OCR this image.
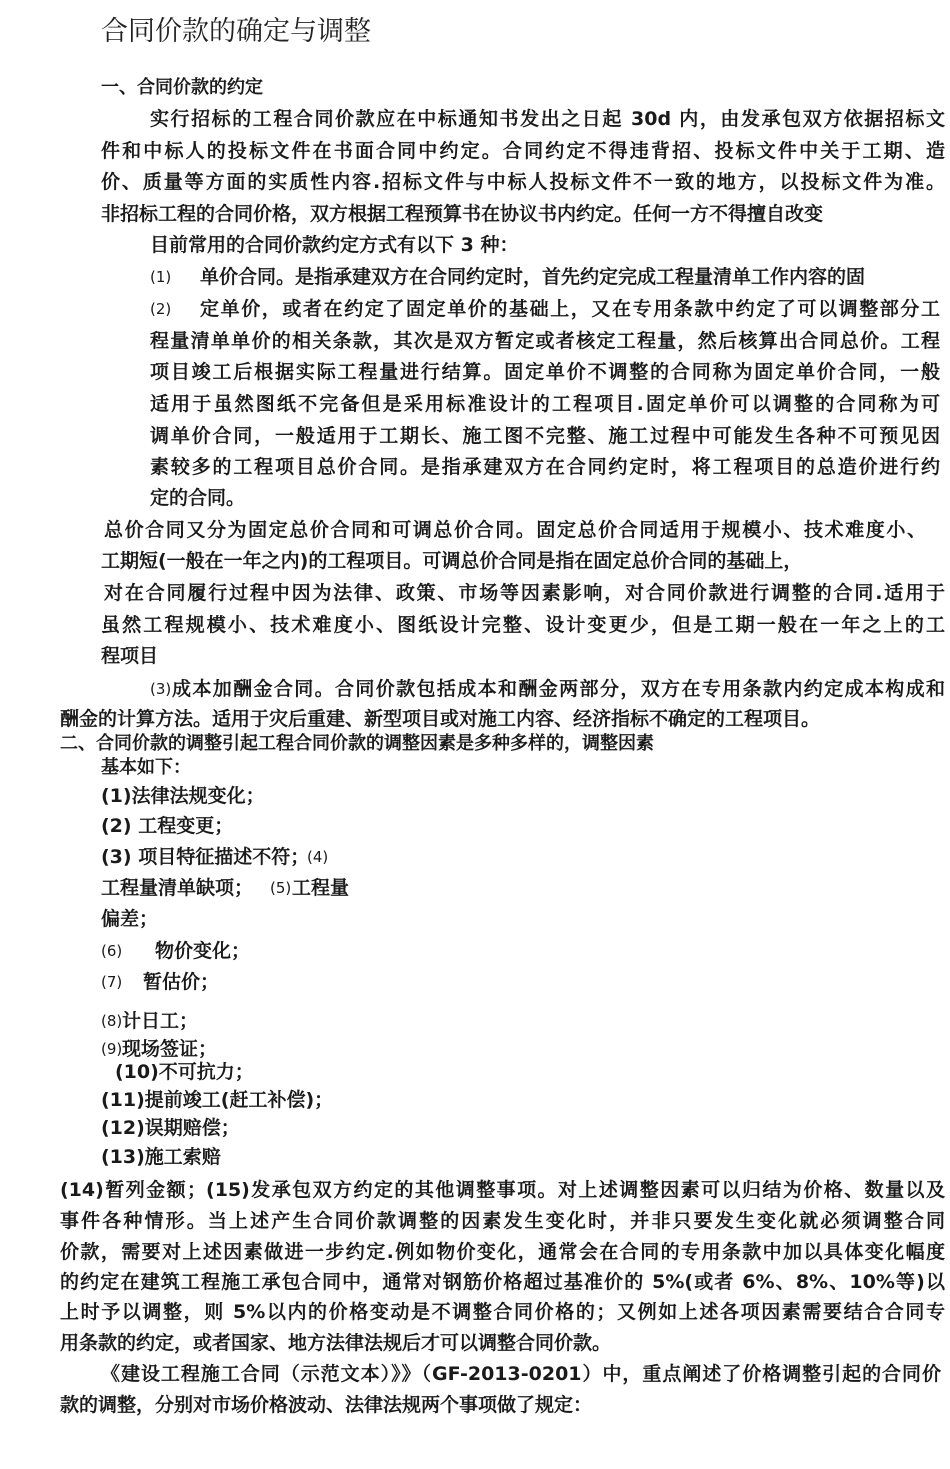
合同价款的确定与调整
一、合同价款的约定
实行招标的工程合同价款应在中标通知书发出之日起 30d 内，由发承包双方依据招标文
件和中标人的投标文件在书面合同中约定。合同约定不得违背招、投标文件中关于工期、造
价、质量等方面的实质性内容.招标文件与中标人投标文件不一致的地方，以投标文件为准。
非招标工程的合同价格，双方根据工程预算书在协议书内约定。任何一方不得擅自改变
目前常用的合同价款约定方式有以下 3 种：
(1) 单价合同。是指承建双方在合同约定时，首先约定完成工程量清单工作内容的固
(2) 定单价，或者在约定了固定单价的基础上，又在专用条款中约定了可以调整部分工
程量清单单价的相关条款，其次是双方暂定或者核定工程量，然后核算出合同总价。工程
项目竣工后根据实际工程量进行结算。固定单价不调整的合同称为固定单价合同，一般
适用于虽然图纸不完备但是采用标准设计的工程项目.固定单价可以调整的合同称为可
调单价合同，一般适用于工期长、施工图不完整、施工过程中可能发生各种不可预见因
素较多的工程项目总价合同。是指承建双方在合同约定时，将工程项目的总造价进行约
定的合同。
总价合同又分为固定总价合同和可调总价合同。固定总价合同适用于规模小、技术难度小、
工期短(一般在一年之内)的工程项目。可调总价合同是指在固定总价合同的基础上，
对在合同履行过程中因为法律、政策、市场等因素影响，对合同价款进行调整的合同.适用于
虽然工程规模小、技术难度小、图纸设计完整、设计变更少，但是工期一般在一年之上的工
程项目
(3) 成本加酬金合同。合同价款包括成本和酬金两部分，双方在专用条款内约定成本构成和
酬金的计算方法。适用于灾后重建、新型项目或对施工内容、经济指标不确定的工程项目。
二、合同价款的调整引起工程合同价款的调整因素是多种多样的，调整因素
基本如下：
(1)法律法规变化；
(2) 工程变更；
(3) 项目特征描述不符；
(4)
工程量清单缺项； (5) 工程量
偏差；
(6) 物价变化；
(7) 暂估价；
(8) 计日工；
(9) 现场签证；
(10)不可抗力；
(11)提前竣工(赶工补偿)；
(12)误期赔偿；
(13)施工索赔
(14)暂列金额；(15)发承包双方约定的其他调整事项。对上述调整因素可以归结为价格、数量以及
事件各种情形。当上述产生合同价款调整的因素发生变化时，并非只要发生变化就必须调整合同
价款，需要对上述因素做进一步约定.例如物价变化，通常会在合同的专用条款中加以具体变化幅度
的约定在建筑工程施工承包合同中，通常对钢筋价格超过基准价的 5%(或者 6%、8%、10%等)以
上时予以调整，则 5%以内的价格变动是不调整合同价格的；又例如上述各项因素需要结合合同专
用条款的约定，或者国家、地方法律法规后才可以调整合同价款。
《建设工程施工合同（示范文本）》》（GF-2013-0201）中，重点阐述了价格调整引起的合同价
款的调整，分别对市场价格波动、法律法规两个事项做了规定：
